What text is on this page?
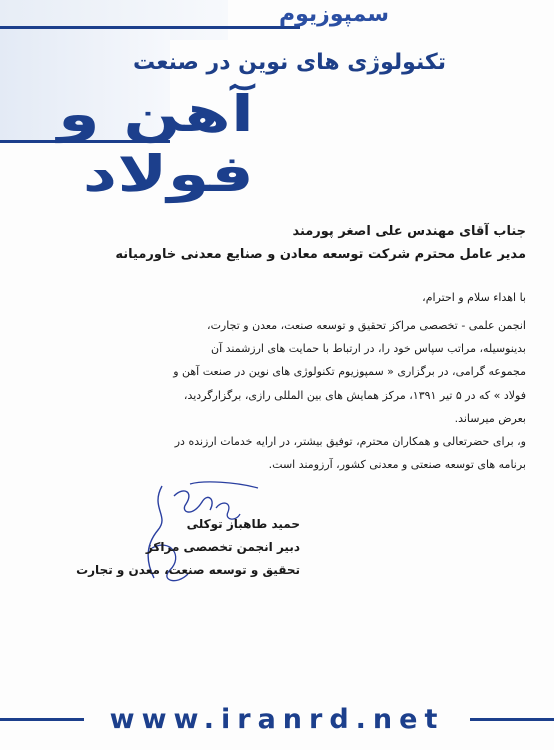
سمپوزیوم
تکنولوژی های نوین در صنعت
آهن و فولاد
جناب آقای مهندس علی اصغر پورمند
مدیر عامل محترم شرکت توسعه معادن و صنایع معدنی خاورمیانه
با اهداء سلام و احترام،
انجمن علمی - تخصصی مراکز تحقیق و توسعه صنعت، معدن و تجارت،
بدینوسیله، مراتب سپاس خود را، در ارتباط با حمایت های ارزشمند آن
مجموعه گرامی، در برگزاری « سمپوزیوم تکنولوژی های نوین در صنعت آهن و
فولاد » که در ۵ تیر ۱۳۹۱، مرکز همایش های بین المللی رازی، برگزارگردید،
بعرض میرساند.
و، برای حضرتعالی و همکاران محترم، توفیق بیشتر، در ارایه خدمات ارزنده در
برنامه های توسعه صنعتی و معدنی کشور، آرزومند است.
حمید طاهباز توکلی
دبیر انجمن تخصصی مراکز
تحقیق و توسعه صنعت، معدن و تجارت
www.iranrd.net
